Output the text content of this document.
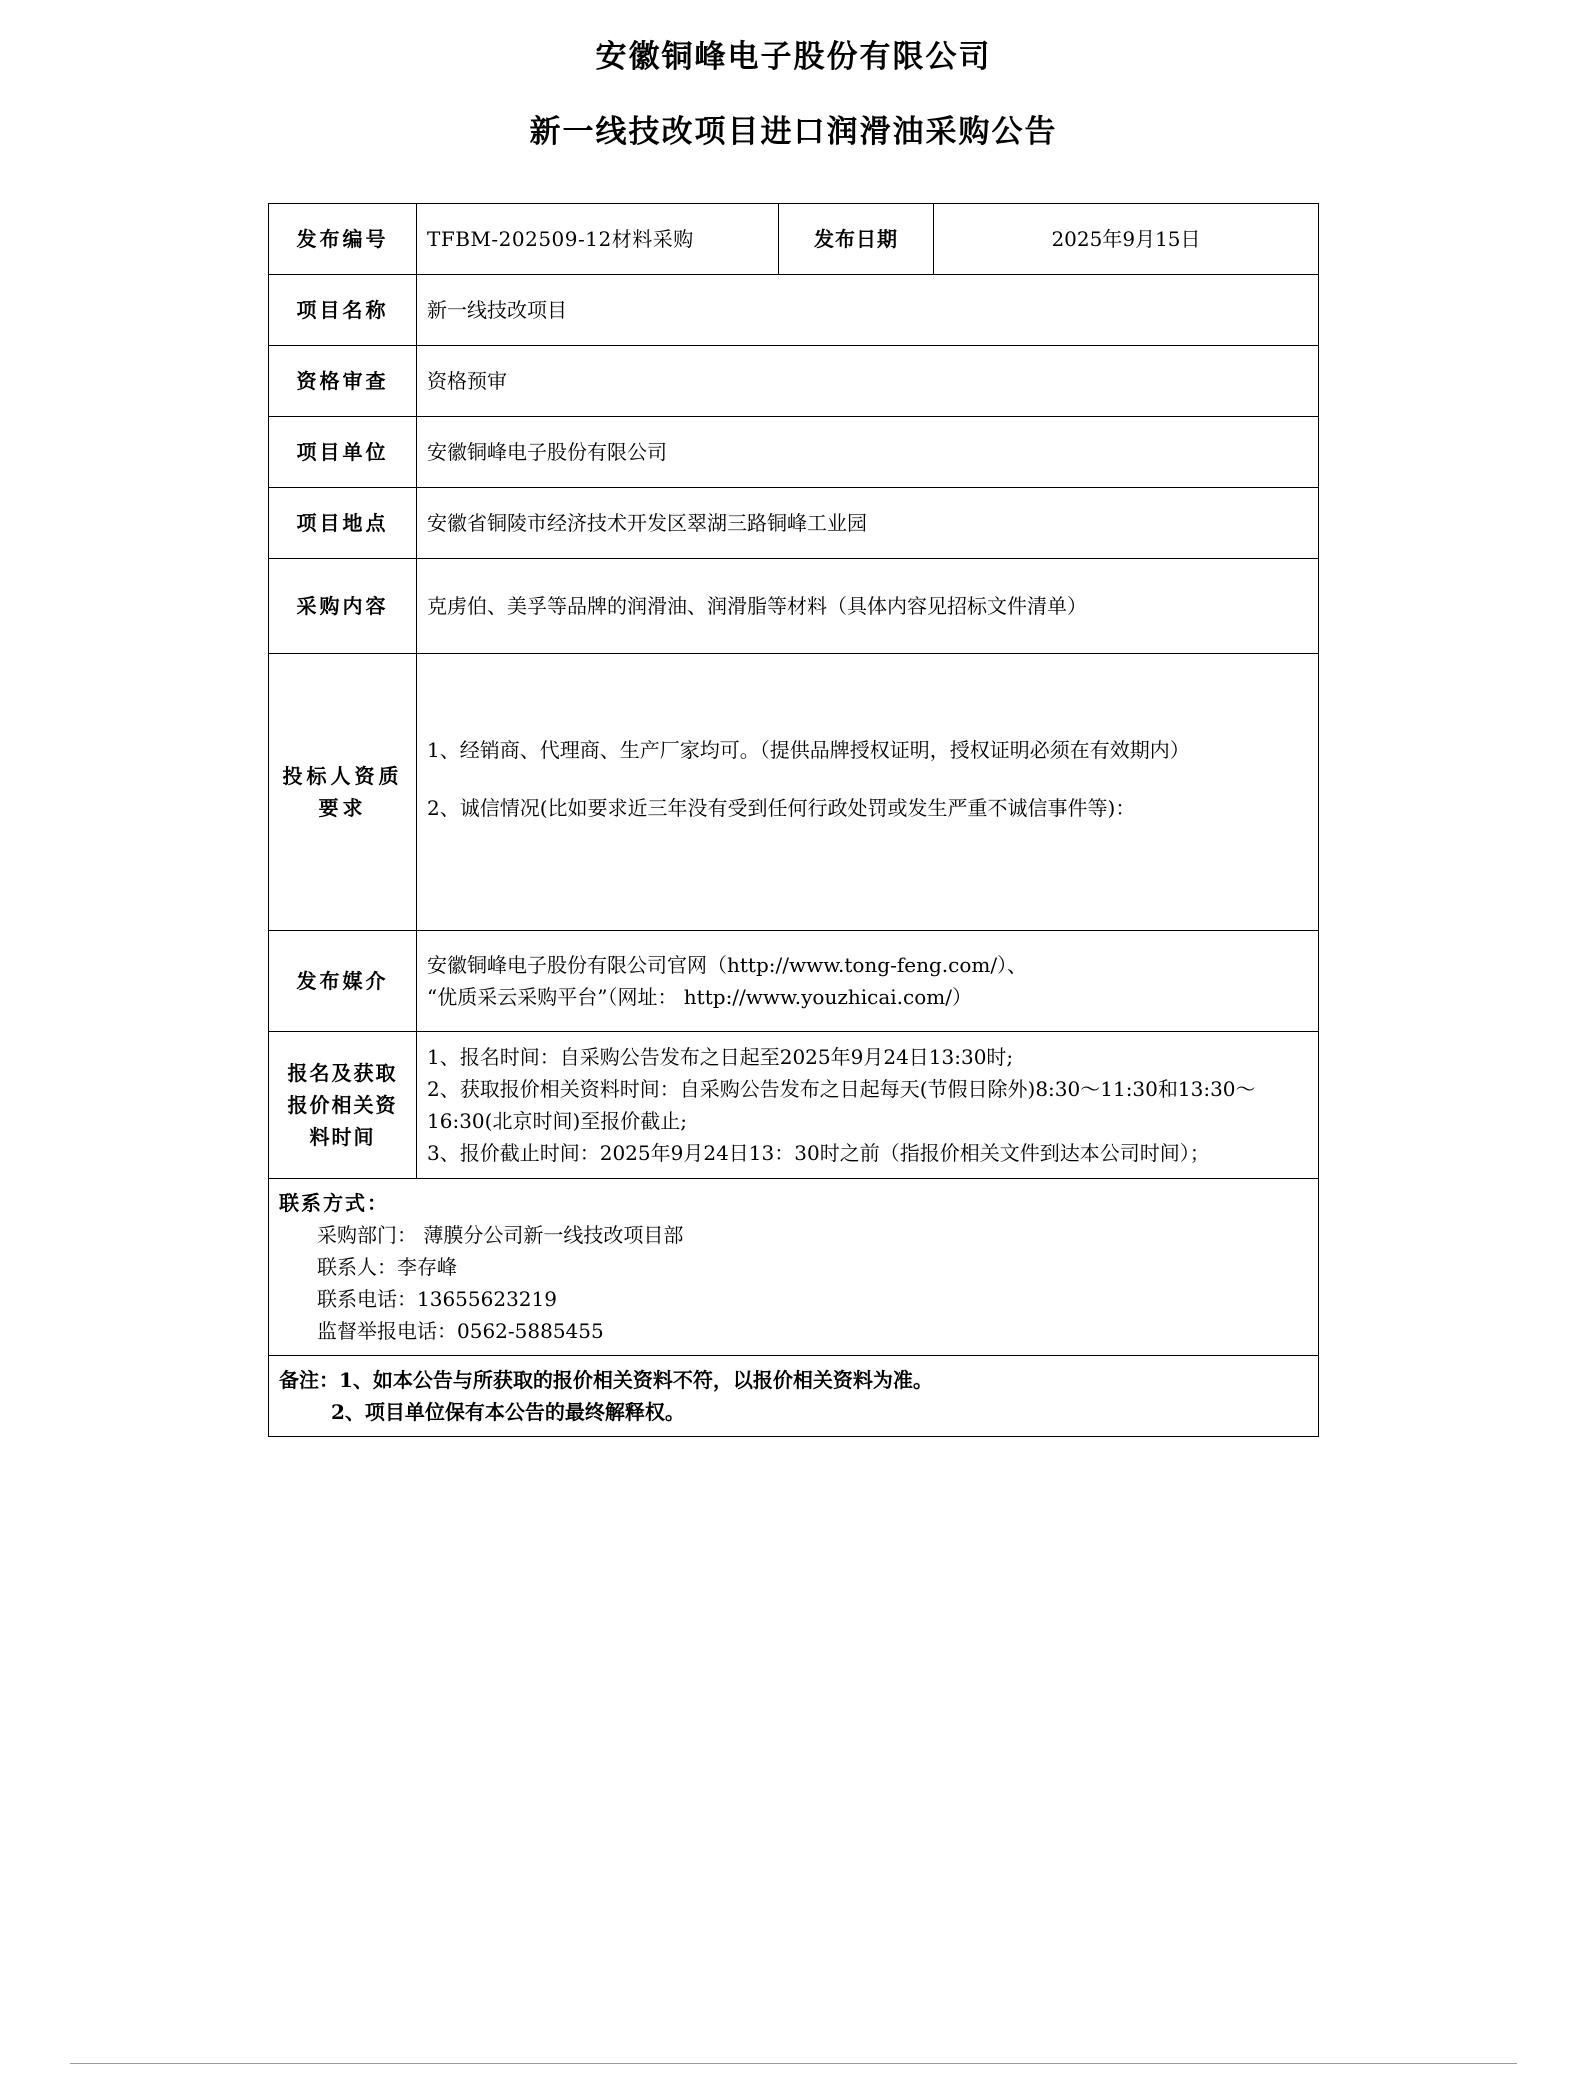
安徽铜峰电子股份有限公司
新一线技改项目进口润滑油采购公告
发布编号	TFBM-202509-12材料采购	发布日期	2025年9月15日
项目名称	新一线技改项目		
资格审查	资格预审		
项目单位	安徽铜峰电子股份有限公司		
项目地点	安徽省铜陵市经济技术开发区翠湖三路铜峰工业园		
采购内容	克虏伯、美孚等品牌的润滑油、润滑脂等材料（具体内容见招标文件清单）		
投标人资质要求	1、经销商、代理商、生产厂家均可。（提供品牌授权证明，授权证明必须在有效期内）
2、诚信情况(比如要求近三年没有受到任何行政处罚或发生严重不诚信事件等)：		

发布媒介	安徽铜峰电子股份有限公司官网（http://www.tong-feng.com/）、
“优质采云采购平台”（网址： http://www.youzhicai.com/）		

报名及获取报价相关资料时间	1、报名时间：自采购公告发布之日起至2025年9月24日13:30时;
2、获取报价相关资料时间：自采购公告发布之日起每天(节假日除外)8:30～11:30和13:30～16:30(北京时间)至报价截止;
3、报价截止时间：2025年9月24日13：30时之前（指报价相关文件到达本公司时间）；		

联系方式：
采购部门： 薄膜分公司新一线技改项目部
联系人：李存峰
联系电话：13655623219
监督举报电话：0562-5885455			

备注：1、如本公告与所获取的报价相关资料不符，以报价相关资料为准。
2、项目单位保有本公告的最终解释权。			
